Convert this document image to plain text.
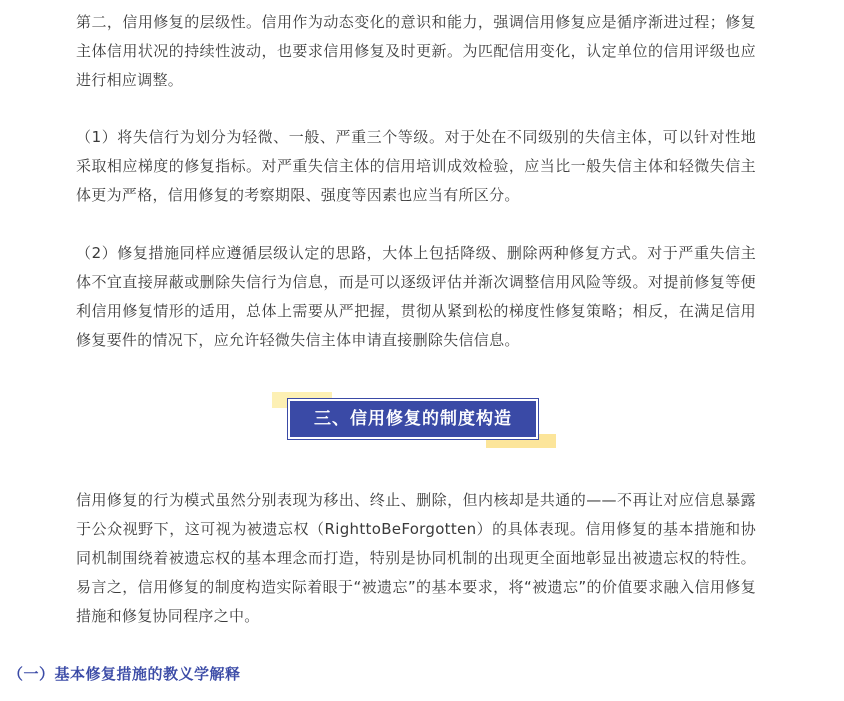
第二，信用修复的层级性。信用作为动态变化的意识和能力，强调信用修复应是循序渐进过程；修复主体信用状况的持续性波动，也要求信用修复及时更新。为匹配信用变化，认定单位的信用评级也应进行相应调整。

（1）将失信行为划分为轻微、一般、严重三个等级。对于处在不同级别的失信主体，可以针对性地采取相应梯度的修复指标。对严重失信主体的信用培训成效检验，应当比一般失信主体和轻微失信主体更为严格，信用修复的考察期限、强度等因素也应当有所区分。

（2）修复措施同样应遵循层级认定的思路，大体上包括降级、删除两种修复方式。对于严重失信主体不宜直接屏蔽或删除失信行为信息，而是可以逐级评估并渐次调整信用风险等级。对提前修复等便利信用修复情形的适用，总体上需要从严把握，贯彻从紧到松的梯度性修复策略；相反，在满足信用修复要件的情况下，应允许轻微失信主体申请直接删除失信信息。

信用修复的行为模式虽然分别表现为移出、终止、删除，但内核却是共通的——不再让对应信息暴露于公众视野下，这可视为被遗忘权（RighttoBeForgotten）的具体表现。信用修复的基本措施和协同机制围绕着被遗忘权的基本理念而打造，特别是协同机制的出现更全面地彰显出被遗忘权的特性。易言之，信用修复的制度构造实际着眼于“被遗忘”的基本要求，将“被遗忘”的价值要求融入信用修复措施和修复协同程序之中。

三、信用修复的制度构造
（一）基本修复措施的教义学解释
